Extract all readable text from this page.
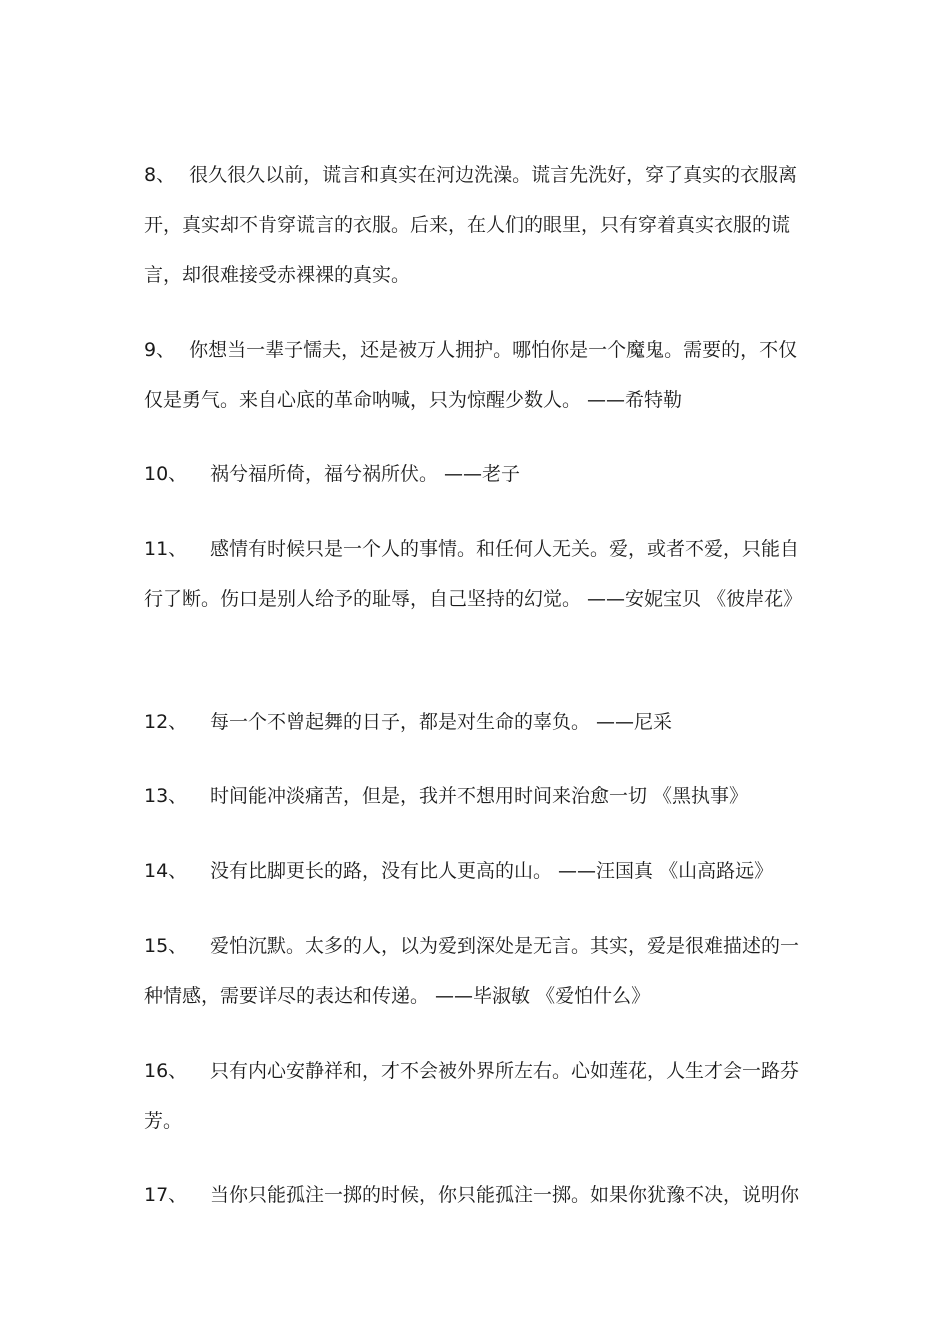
8、 很久很久以前，谎言和真实在河边洗澡。谎言先洗好，穿了真实的衣服离开，真实却不肯穿谎言的衣服。后来，在人们的眼里，只有穿着真实衣服的谎言，却很难接受赤裸裸的真实。

9、 你想当一辈子懦夫，还是被万人拥护。哪怕你是一个魔鬼。需要的，不仅仅是勇气。来自心底的革命呐喊，只为惊醒少数人。 ——希特勒

10、 祸兮福所倚，福兮祸所伏。 ——老子

11、 感情有时候只是一个人的事情。和任何人无关。爱，或者不爱，只能自行了断。伤口是别人给予的耻辱，自己坚持的幻觉。 ——安妮宝贝 《彼岸花》

12、 每一个不曾起舞的日子，都是对生命的辜负。 ——尼采

13、 时间能冲淡痛苦，但是，我并不想用时间来治愈一切 《黑执事》

14、 没有比脚更长的路，没有比人更高的山。 ——汪国真 《山高路远》

15、 爱怕沉默。太多的人，以为爱到深处是无言。其实，爱是很难描述的一种情感，需要详尽的表达和传递。 ——毕淑敏 《爱怕什么》

16、 只有内心安静祥和，才不会被外界所左右。心如莲花，人生才会一路芬芳。

17、 当你只能孤注一掷的时候，你只能孤注一掷。如果你犹豫不决，说明你
